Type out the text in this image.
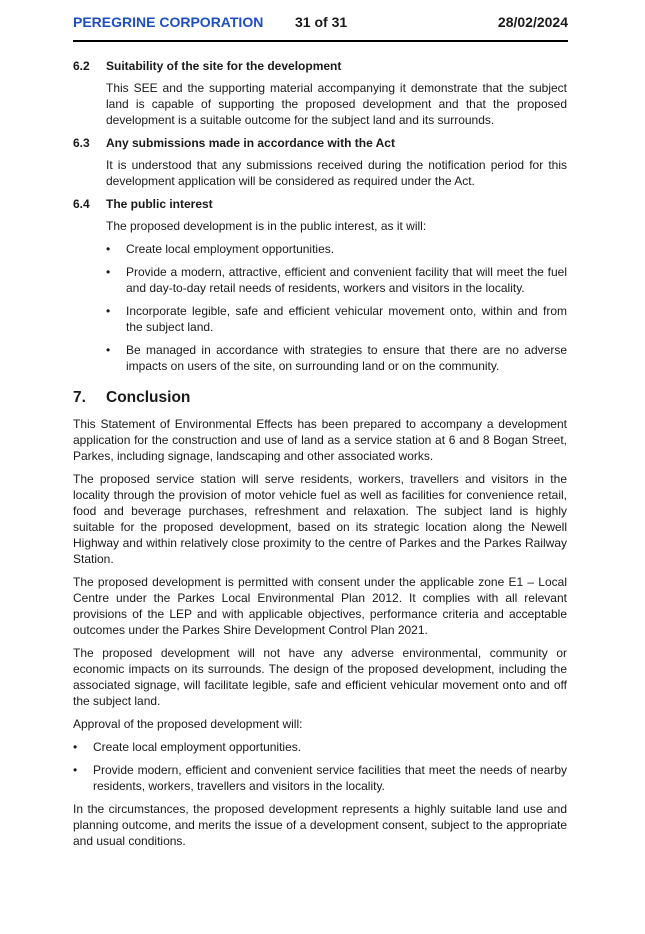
PEREGRINE CORPORATION 31 of 31	28/02/2024
6.2 Suitability of the site for the development

This SEE and the supporting material accompanying it demonstrate that the subject land is capable of supporting the proposed development and that the proposed development is a suitable outcome for the subject land and its surrounds.

6.3 Any submissions made in accordance with the Act

It is understood that any submissions received during the notification period for this development application will be considered as required under the Act.

6.4 The public interest

The proposed development is in the public interest, as it will:

• Create local employment opportunities.
• Provide a modern, attractive, efficient and convenient facility that will meet the fuel and day-to-day retail needs of residents, workers and visitors in the locality.
• Incorporate legible, safe and efficient vehicular movement onto, within and from the subject land.
• Be managed in accordance with strategies to ensure that there are no adverse impacts on users of the site, on surrounding land or on the community.
7. Conclusion

This Statement of Environmental Effects has been prepared to accompany a development application for the construction and use of land as a service station at 6 and 8 Bogan Street, Parkes, including signage, landscaping and other associated works.

The proposed service station will serve residents, workers, travellers and visitors in the locality through the provision of motor vehicle fuel as well as facilities for convenience retail, food and beverage purchases, refreshment and relaxation. The subject land is highly suitable for the proposed development, based on its strategic location along the Newell Highway and within relatively close proximity to the centre of Parkes and the Parkes Railway Station.

The proposed development is permitted with consent under the applicable zone E1 – Local Centre under the Parkes Local Environmental Plan 2012. It complies with all relevant provisions of the LEP and with applicable objectives, performance criteria and acceptable outcomes under the Parkes Shire Development Control Plan 2021.

The proposed development will not have any adverse environmental, community or economic impacts on its surrounds. The design of the proposed development, including the associated signage, will facilitate legible, safe and efficient vehicular movement onto and off the subject land.

Approval of the proposed development will:

• Create local employment opportunities.
• Provide modern, efficient and convenient service facilities that meet the needs of nearby residents, workers, travellers and visitors in the locality.

In the circumstances, the proposed development represents a highly suitable land use and planning outcome, and merits the issue of a development consent, subject to the appropriate and usual conditions.
